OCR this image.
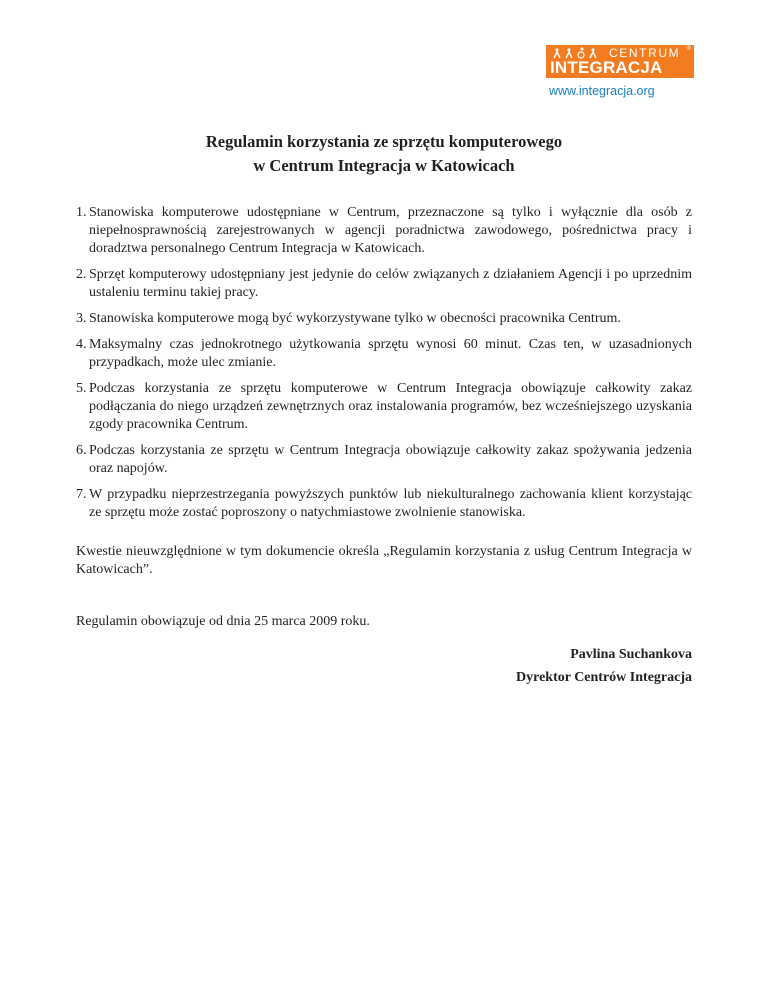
CENTRUM ®
INTEGRACJA
www.integracja.org
Regulamin korzystania ze sprzętu komputerowego
w Centrum Integracja w Katowicach
1. Stanowiska komputerowe udostępniane w Centrum, przeznaczone są tylko i wyłącznie dla osób z niepełnosprawnością zarejestrowanych w agencji poradnictwa zawodowego, pośrednictwa pracy i doradztwa personalnego Centrum Integracja w Katowicach.
2. Sprzęt komputerowy udostępniany jest jedynie do celów związanych z działaniem Agencji i po uprzednim ustaleniu terminu takiej pracy.
3. Stanowiska komputerowe mogą być wykorzystywane tylko w obecności pracownika Centrum.
4. Maksymalny czas jednokrotnego użytkowania sprzętu wynosi 60 minut. Czas ten, w uzasadnionych przypadkach, może ulec zmianie.
5. Podczas korzystania ze sprzętu komputerowe w Centrum Integracja obowiązuje całkowity zakaz podłączania do niego urządzeń zewnętrznych oraz instalowania programów, bez wcześniejszego uzyskania zgody pracownika Centrum.
6. Podczas korzystania ze sprzętu w Centrum Integracja obowiązuje całkowity zakaz spożywania jedzenia oraz napojów.
7. W przypadku nieprzestrzegania powyższych punktów lub niekulturalnego zachowania klient korzystając ze sprzętu może zostać poproszony o natychmiastowe zwolnienie stanowiska.

Kwestie nieuwzględnione w tym dokumencie określa „Regulamin korzystania z usług Centrum Integracja w Katowicach”.

Regulamin obowiązuje od dnia 25 marca 2009 roku.

Pavlina Suchankova
Dyrektor Centrów Integracja
